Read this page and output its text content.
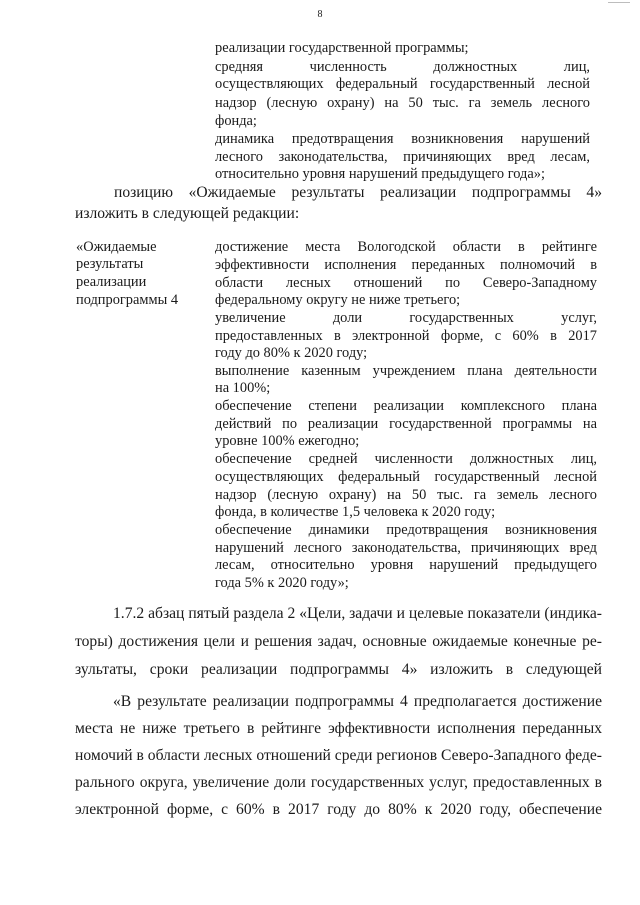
8
реализации государственной программы;
средняя численность должностных лиц,
осуществляющих федеральный государственный лесной
надзор (лесную охрану) на 50 тыс. га земель лесного
фонда;
динамика предотвращения возникновения нарушений
лесного законодательства, причиняющих вред лесам,
относительно уровня нарушений предыдущего года»;
позицию «Ожидаемые результаты реализации подпрограммы 4»
изложить в следующей редакции:
«Ожидаемые
результаты
реализации
подпрограммы 4
достижение места Вологодской области в рейтинге
эффективности исполнения переданных полномочий в
области лесных отношений по Северо-Западному
федеральному округу не ниже третьего;
увеличение доли государственных услуг,
предоставленных в электронной форме, с 60% в 2017
году до 80% к 2020 году;
выполнение казенным учреждением плана деятельности
на 100%;
обеспечение степени реализации комплексного плана
действий по реализации государственной программы на
уровне 100% ежегодно;
обеспечение средней численности должностных лиц,
осуществляющих федеральный государственный лесной
надзор (лесную охрану) на 50 тыс. га земель лесного
фонда, в количестве 1,5 человека к 2020 году;
обеспечение динамики предотвращения возникновения
нарушений лесного законодательства, причиняющих вред
лесам, относительно уровня нарушений предыдущего
года 5% к 2020 году»;
1.7.2 абзац пятый раздела 2 «Цели, задачи и целевые показатели (индика-
торы) достижения цели и решения задач, основные ожидаемые конечные ре-
зультаты, сроки реализации подпрограммы 4» изложить в следующей
«В результате реализации подпрограммы 4 предполагается достижение
места не ниже третьего в рейтинге эффективности исполнения переданных
номочий в области лесных отношений среди регионов Северо-Западного феде-
рального округа, увеличение доли государственных услуг, предоставленных в
электронной форме, с 60% в 2017 году до 80% к 2020 году, обеспечение
